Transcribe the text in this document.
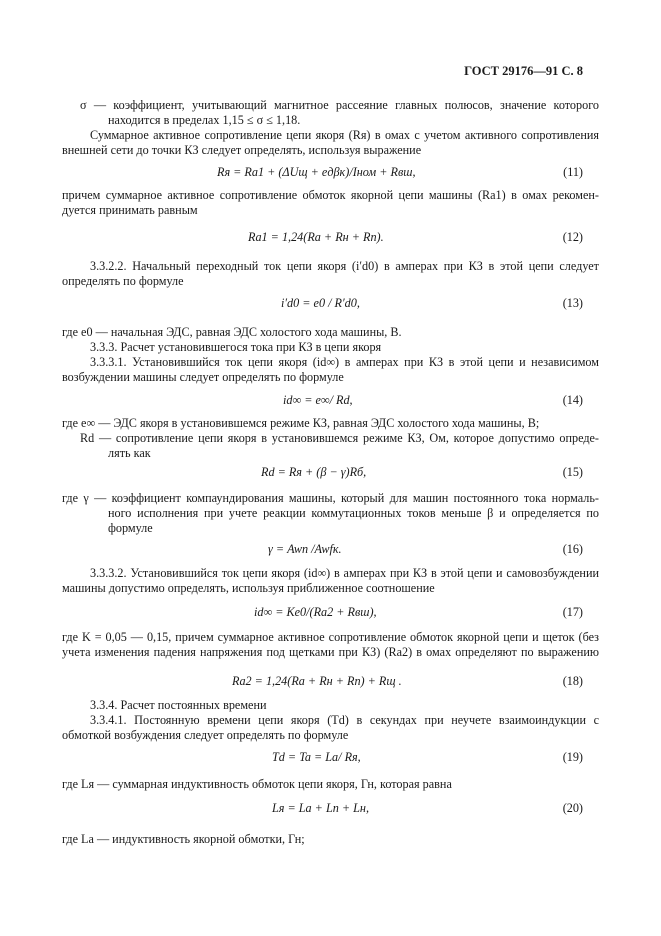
ГОСТ 29176—91 С. 8
σ — коэффициент, учитывающий магнитное рассеяние главных полюсов, значение которого
находится в пределах 1,15 ≤ σ ≤ 1,18.
Суммарное активное сопротивление цепи якоря (Rя) в омах с учетом активного сопротивления
внешней сети до точки КЗ следует определять, используя выражение
Rя = Ra1 + (ΔUщ + eдβк)/Iном + Rвш,	(11)
причем суммарное активное сопротивление обмоток якорной цепи машины (Ra1) в омах рекомен-
дуется принимать равным
Ra1 = 1,24(Ra + Rн + Rп).	(12)
3.3.2.2. Начальный переходный ток цепи якоря (i′d0) в амперах при КЗ в этой цепи следует
определять по формуле
i′d0 = e0 / R′d0,	(13)
где e0 — начальная ЭДС, равная ЭДС холостого хода машины, В.
3.3.3. Расчет установившегося тока при КЗ в цепи якоря
3.3.3.1. Установившийся ток цепи якоря (id∞) в амперах при КЗ в этой цепи и независимом
возбуждении машины следует определять по формуле
id∞ = e∞/ Rd,	(14)
где e∞ — ЭДС якоря в установившемся режиме КЗ, равная ЭДС холостого хода машины, В;
Rd — сопротивление цепи якоря в установившемся режиме КЗ, Ом, которое допустимо опреде-
лять как
Rd = Rя + (β − γ)Rб,	(15)
где γ — коэффициент компаундирования машины, который для машин постоянного тока нормаль-
ного исполнения при учете реакции коммутационных токов меньше β и определяется по
формуле
γ = Awп /Awfк.	(16)
3.3.3.2. Установившийся ток цепи якоря (id∞) в амперах при КЗ в этой цепи и самовозбуждении
машины допустимо определять, используя приближенное соотношение
id∞ = Ke0/(Ra2 + Rвш),	(17)
где K = 0,05 — 0,15, причем суммарное активное сопротивление обмоток якорной цепи и щеток (без
учета изменения падения напряжения под щетками при КЗ) (Ra2) в омах определяют по выражению
Ra2 = 1,24(Ra + Rн + Rп) + Rщ .	(18)
3.3.4. Расчет постоянных времени
3.3.4.1. Постоянную времени цепи якоря (Td) в секундах при неучете взаимоиндукции с
обмоткой возбуждения следует определять по формуле
Td = Ta = La/ Rя,	(19)
где Lя — суммарная индуктивность обмоток цепи якоря, Гн, которая равна
Lя = La + Lп + Lн,	(20)
где La — индуктивность якорной обмотки, Гн;
